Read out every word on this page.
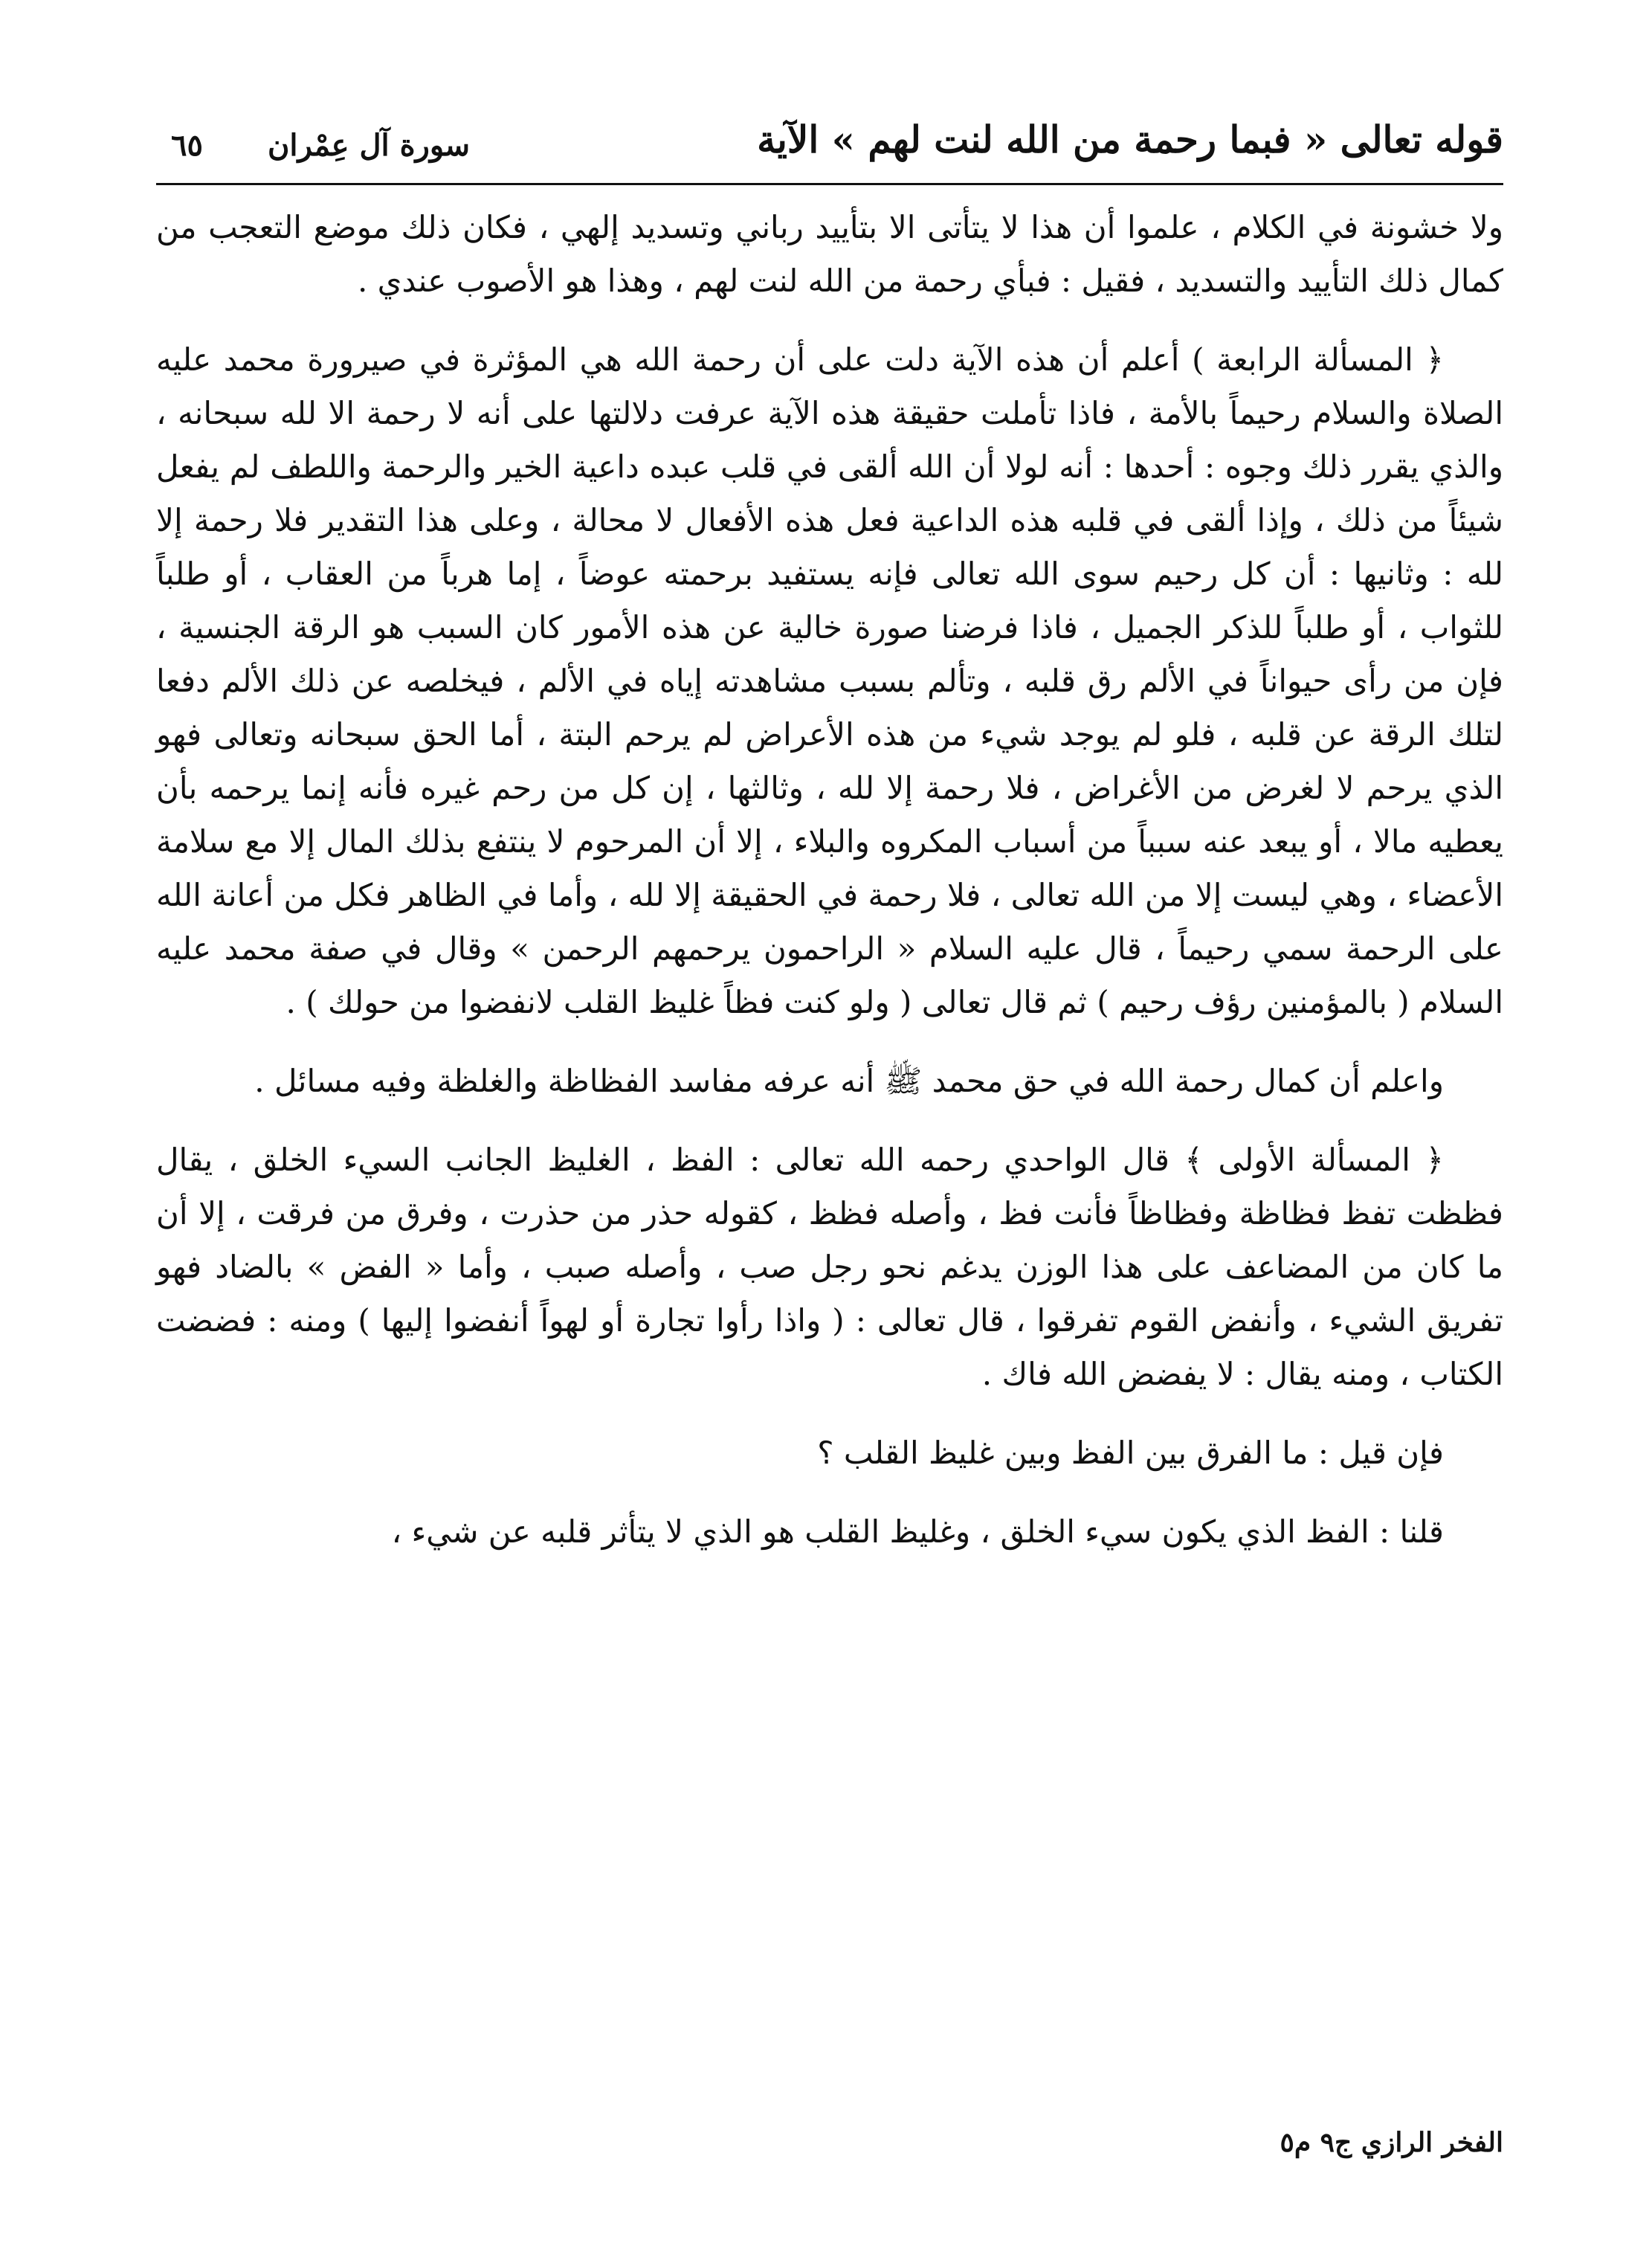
قوله تعالى « فبما رحمة من الله لنت لهم » الآية
سورة آل عِمْران
٦٥

ولا خشونة في الكلام ، علموا أن هذا لا يتأتى الا بتأييد رباني وتسديد إلهي ، فكان ذلك موضع التعجب من كمال ذلك التأييد والتسديد ، فقيل : فبأي رحمة من الله لنت لهم ، وهذا هو الأصوب عندي .

﴿ المسألة الرابعة ) أعلم أن هذه الآية دلت على أن رحمة الله هي المؤثرة في صيرورة محمد عليه الصلاة والسلام رحيماً بالأمة ، فاذا تأملت حقيقة هذه الآية عرفت دلالتها على أنه لا رحمة الا لله سبحانه ، والذي يقرر ذلك وجوه : أحدها : أنه لولا أن الله ألقى في قلب عبده داعية الخير والرحمة واللطف لم يفعل شيئاً من ذلك ، وإذا ألقى في قلبه هذه الداعية فعل هذه الأفعال لا محالة ، وعلى هذا التقدير فلا رحمة إلا لله : وثانيها : أن كل رحيم سوى الله تعالى فإنه يستفيد برحمته عوضاً ، إما هرباً من العقاب ، أو طلباً للثواب ، أو طلباً للذكر الجميل ، فاذا فرضنا صورة خالية عن هذه الأمور كان السبب هو الرقة الجنسية ، فإن من رأى حيواناً في الألم رق قلبه ، وتألم بسبب مشاهدته إياه في الألم ، فيخلصه عن ذلك الألم دفعا لتلك الرقة عن قلبه ، فلو لم يوجد شيء من هذه الأعراض لم يرحم البتة ، أما الحق سبحانه وتعالى فهو الذي يرحم لا لغرض من الأغراض ، فلا رحمة إلا لله ، وثالثها ، إن كل من رحم غيره فأنه إنما يرحمه بأن يعطيه مالا ، أو يبعد عنه سبباً من أسباب المكروه والبلاء ، إلا أن المرحوم لا ينتفع بذلك المال إلا مع سلامة الأعضاء ، وهي ليست إلا من الله تعالى ، فلا رحمة في الحقيقة إلا لله ، وأما في الظاهر فكل من أعانة الله على الرحمة سمي رحيماً ، قال عليه السلام « الراحمون يرحمهم الرحمن » وقال في صفة محمد عليه السلام ( بالمؤمنين رؤف رحيم ) ثم قال تعالى ( ولو كنت فظاً غليظ القلب لانفضوا من حولك ) .

واعلم أن كمال رحمة الله في حق محمد ﷺ أنه عرفه مفاسد الفظاظة والغلظة وفيه مسائل .

﴿ المسألة الأولى ﴾ قال الواحدي رحمه الله تعالى : الفظ ، الغليظ الجانب السيء الخلق ، يقال فظظت تفظ فظاظة وفظاظاً فأنت فظ ، وأصله فظظ ، كقوله حذر من حذرت ، وفرق من فرقت ، إلا أن ما كان من المضاعف على هذا الوزن يدغم نحو رجل صب ، وأصله صبب ، وأما « الفض » بالضاد فهو تفريق الشيء ، وأنفض القوم تفرقوا ، قال تعالى : ( واذا رأوا تجارة أو لهواً أنفضوا إليها ) ومنه : فضضت الكتاب ، ومنه يقال : لا يفضض الله فاك .

فإن قيل : ما الفرق بين الفظ وبين غليظ القلب ؟

قلنا : الفظ الذي يكون سيء الخلق ، وغليظ القلب هو الذي لا يتأثر قلبه عن شيء ،

الفخر الرازي ج٩ م٥
